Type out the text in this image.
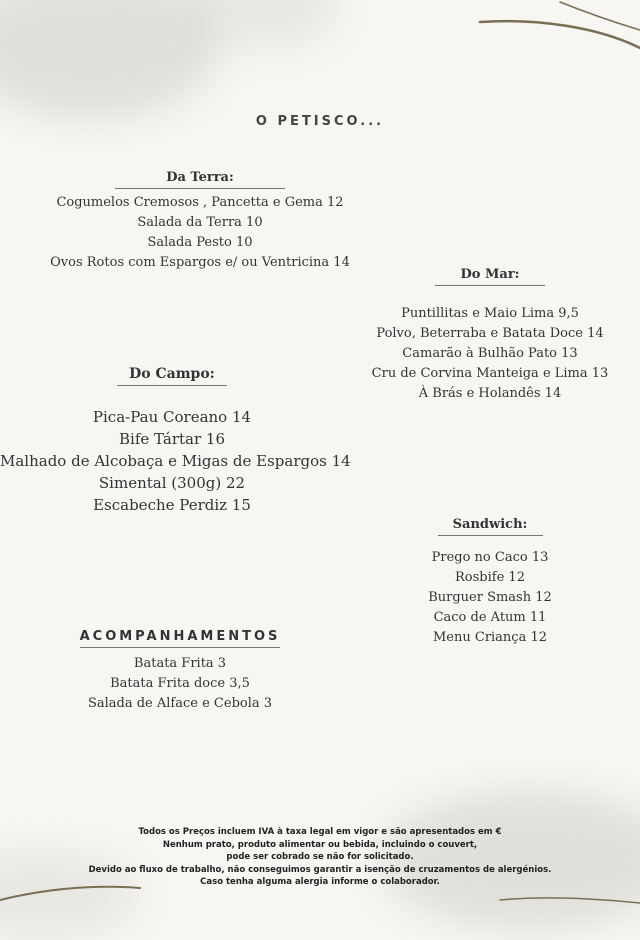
O PETISCO...
Da Terra:
Cogumelos Cremosos , Pancetta e Gema 12
Salada da Terra 10
Salada Pesto 10
Ovos Rotos com Espargos e/ ou Ventricina 14
Do Mar:
Puntillitas e Maio Lima 9,5
Polvo, Beterraba e Batata Doce 14
Camarão à Bulhão Pato 13
Cru de Corvina Manteiga e Lima 13
À Brás e Holandês 14
Do Campo:
Pica-Pau Coreano 14
Bife Tártar 16
Malhado de Alcobaça e Migas de Espargos 14
Simental (300g) 22
Escabeche Perdiz 15
Sandwich:
Prego no Caco 13
Rosbife 12
Burguer Smash 12
Caco de Atum 11
Menu Criança 12
ACOMPANHAMENTOS
Batata Frita 3
Batata Frita doce 3,5
Salada de Alface e Cebola 3
Todos os Preços incluem IVA à taxa legal em vigor e são apresentados em €
Nenhum prato, produto alimentar ou bebida, incluindo o couvert,
pode ser cobrado se não for solicitado.
Devido ao fluxo de trabalho, não conseguimos garantir a isenção de cruzamentos de alergénios.
Caso tenha alguma alergia informe o colaborador.
